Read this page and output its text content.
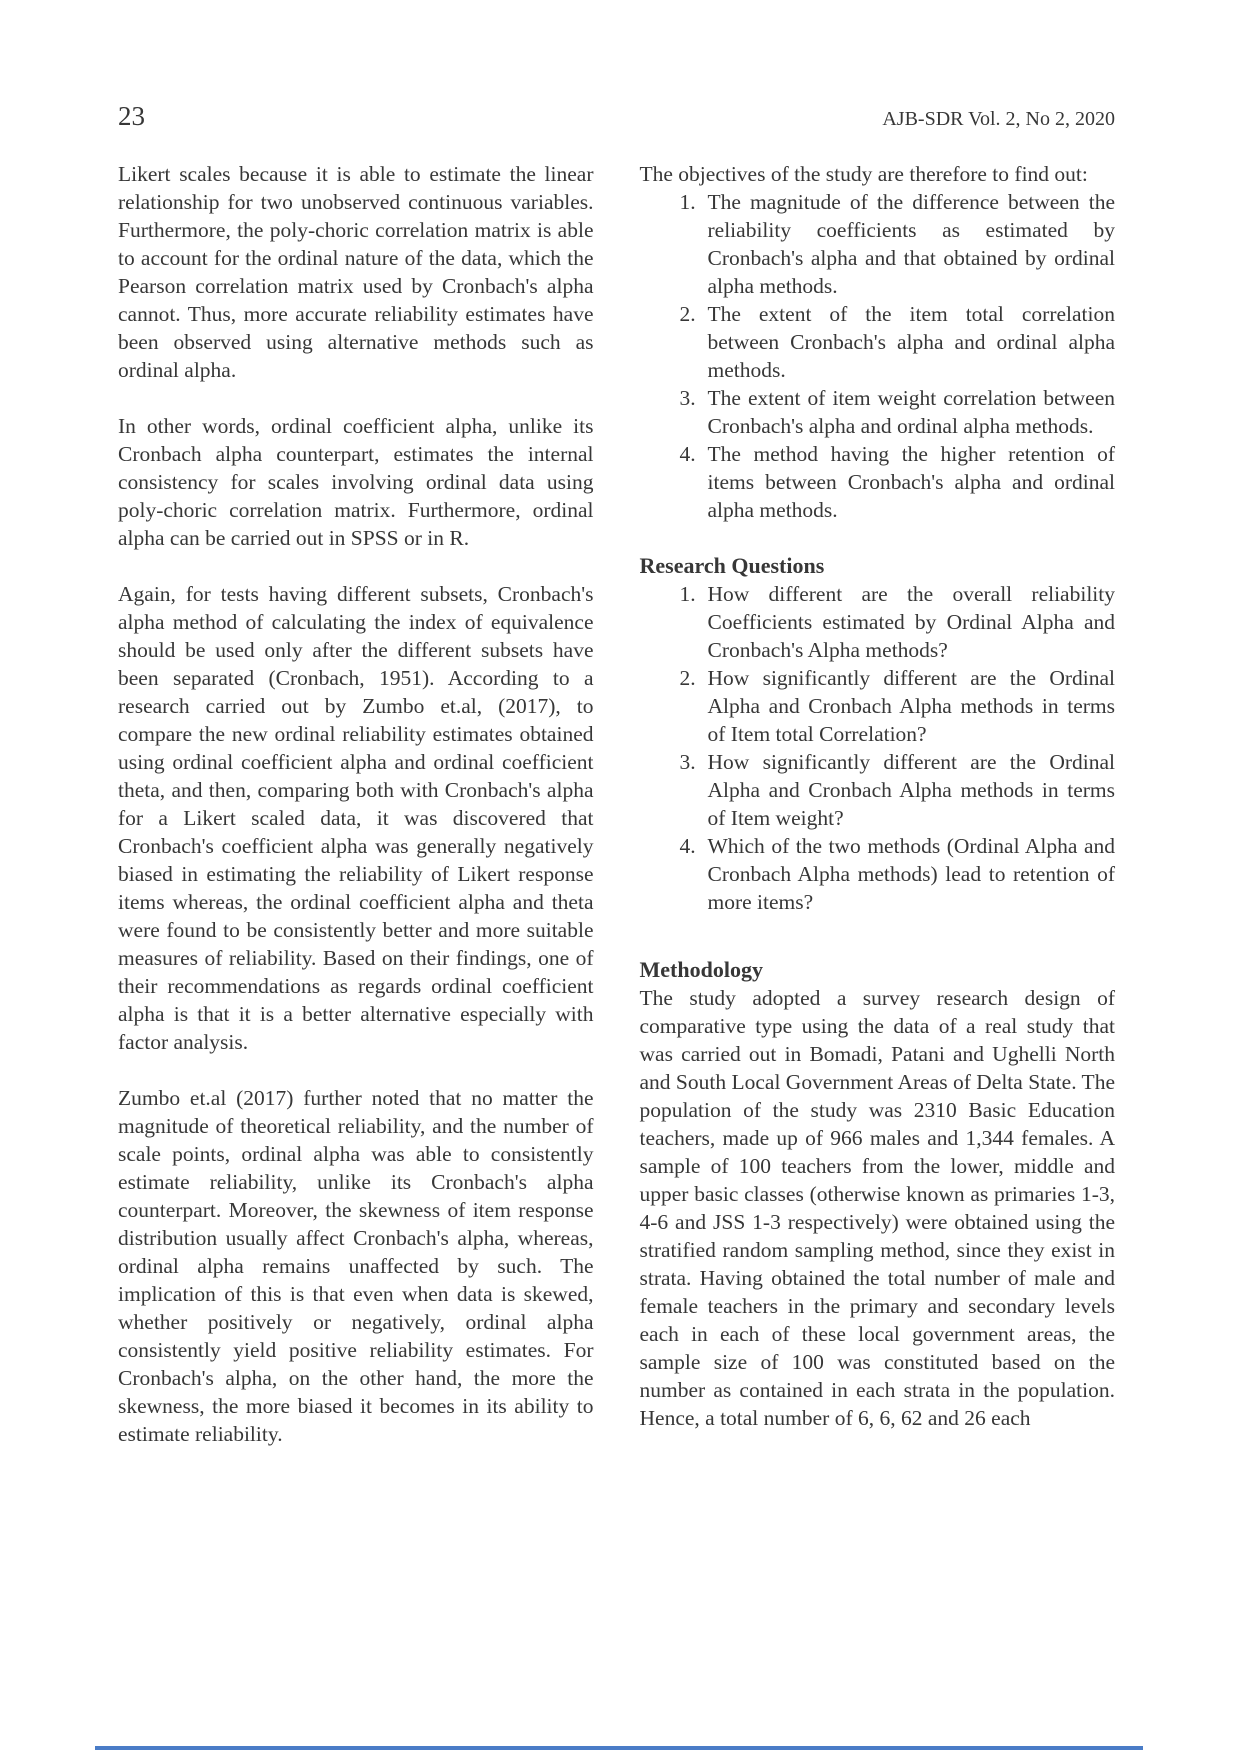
23	AJB-SDR Vol. 2, No 2, 2020

Likert scales because it is able to estimate the linear relationship for two unobserved continuous variables. Furthermore, the poly-choric correlation matrix is able to account for the ordinal nature of the data, which the Pearson correlation matrix used by Cronbach's alpha cannot. Thus, more accurate reliability estimates have been observed using alternative methods such as ordinal alpha.

In other words, ordinal coefficient alpha, unlike its Cronbach alpha counterpart, estimates the internal consistency for scales involving ordinal data using poly-choric correlation matrix. Furthermore, ordinal alpha can be carried out in SPSS or in R.

Again, for tests having different subsets, Cronbach's alpha method of calculating the index of equivalence should be used only after the different subsets have been separated (Cronbach, 1951). According to a research carried out by Zumbo et.al, (2017), to compare the new ordinal reliability estimates obtained using ordinal coefficient alpha and ordinal coefficient theta, and then, comparing both with Cronbach's alpha for a Likert scaled data, it was discovered that Cronbach's coefficient alpha was generally negatively biased in estimating the reliability of Likert response items whereas, the ordinal coefficient alpha and theta were found to be consistently better and more suitable measures of reliability. Based on their findings, one of their recommendations as regards ordinal coefficient alpha is that it is a better alternative especially with factor analysis.

Zumbo et.al (2017) further noted that no matter the magnitude of theoretical reliability, and the number of scale points, ordinal alpha was able to consistently estimate reliability, unlike its Cronbach's alpha counterpart. Moreover, the skewness of item response distribution usually affect Cronbach's alpha, whereas, ordinal alpha remains unaffected by such. The implication of this is that even when data is skewed, whether positively or negatively, ordinal alpha consistently yield positive reliability estimates. For Cronbach's alpha, on the other hand, the more the skewness, the more biased it becomes in its ability to estimate reliability.

The objectives of the study are therefore to find out:

1. The magnitude of the difference between the reliability coefficients as estimated by Cronbach's alpha and that obtained by ordinal alpha methods.
2. The extent of the item total correlation between Cronbach's alpha and ordinal alpha methods.
3. The extent of item weight correlation between Cronbach's alpha and ordinal alpha methods.
4. The method having the higher retention of items between Cronbach's alpha and ordinal alpha methods.
Research Questions
1. How different are the overall reliability Coefficients estimated by Ordinal Alpha and Cronbach's Alpha methods?
2. How significantly different are the Ordinal Alpha and Cronbach Alpha methods in terms of Item total Correlation?
3. How significantly different are the Ordinal Alpha and Cronbach Alpha methods in terms of Item weight?
4. Which of the two methods (Ordinal Alpha and Cronbach Alpha methods) lead to retention of more items?
Methodology

The study adopted a survey research design of comparative type using the data of a real study that was carried out in Bomadi, Patani and Ughelli North and South Local Government Areas of Delta State. The population of the study was 2310 Basic Education teachers, made up of 966 males and 1,344 females. A sample of 100 teachers from the lower, middle and upper basic classes (otherwise known as primaries 1-3, 4-6 and JSS 1-3 respectively) were obtained using the stratified random sampling method, since they exist in strata. Having obtained the total number of male and female teachers in the primary and secondary levels each in each of these local government areas, the sample size of 100 was constituted based on the number as contained in each strata in the population. Hence, a total number of 6, 6, 62 and 26 each
